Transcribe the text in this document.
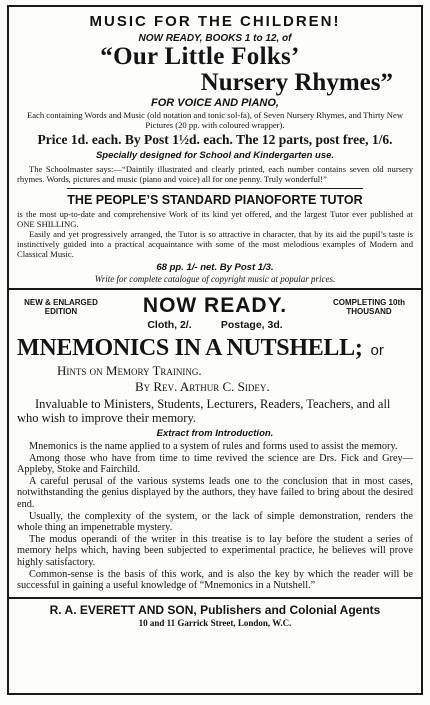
MUSIC FOR THE CHILDREN!
NOW READY, BOOKS 1 to 12, of
“Our Little Folks’
Nursery Rhymes”
FOR VOICE AND PIANO,

Each containing Words and Music (old notation and tonic sol-fa), of Seven Nursery Rhymes, and Thirty New Pictures (20 pp. with coloured wrapper).

Price 1d. each. By Post 1½d. each. The 12 parts, post free, 1/6.
Specially designed for School and Kindergarten use.

The Schoolmaster says:—“Daintily illustrated and clearly printed, each number contains seven old nursery rhymes. Words, pictures and music (piano and voice) all for one penny. Truly wonderful!”

THE PEOPLE’S STANDARD PIANOFORTE TUTOR

is the most up-to-date and comprehensive Work of its kind yet offered, and the largest Tutor ever published at ONE SHILLING.

Easily and yet progressively arranged, the Tutor is so attractive in character, that by its aid the pupil’s taste is instinctively guided into a practical acquaintance with some of the most melodious examples of Modern and Classical Music.

68 pp. 1/- net. By Post 1/3.
Write for complete catalogue of copyright music at popular prices.
NEW & ENLARGED
EDITION	NOW READY.	COMPLETING 10th
THOUSAND
Cloth, 2/.          Postage, 3d.
MNEMONICS IN A NUTSHELL; or
Hints on Memory Training.
By Rev. Arthur C. Sidey.

Invaluable to Ministers, Students, Lecturers, Readers, Teachers, and all who wish to improve their memory.

Extract from Introduction.

Mnemonics is the name applied to a system of rules and forms used to assist the memory.

Among those who have from time to time revived the science are Drs. Fick and Grey—Appleby, Stoke and Fairchild.

A careful perusal of the various systems leads one to the conclusion that in most cases, notwithstanding the genius displayed by the authors, they have failed to bring about the desired end.

Usually, the complexity of the system, or the lack of simple demonstration, renders the whole thing an impenetrable mystery.

The modus operandi of the writer in this treatise is to lay before the student a series of memory helps which, having been subjected to experimental practice, he believes will prove highly satisfactory.

Common-sense is the basis of this work, and is also the key by which the reader will be successful in gaining a useful knowledge of “Mnemonics in a Nutshell.”

R. A. EVERETT AND SON, Publishers and Colonial Agents
10 and 11 Garrick Street, London, W.C.
